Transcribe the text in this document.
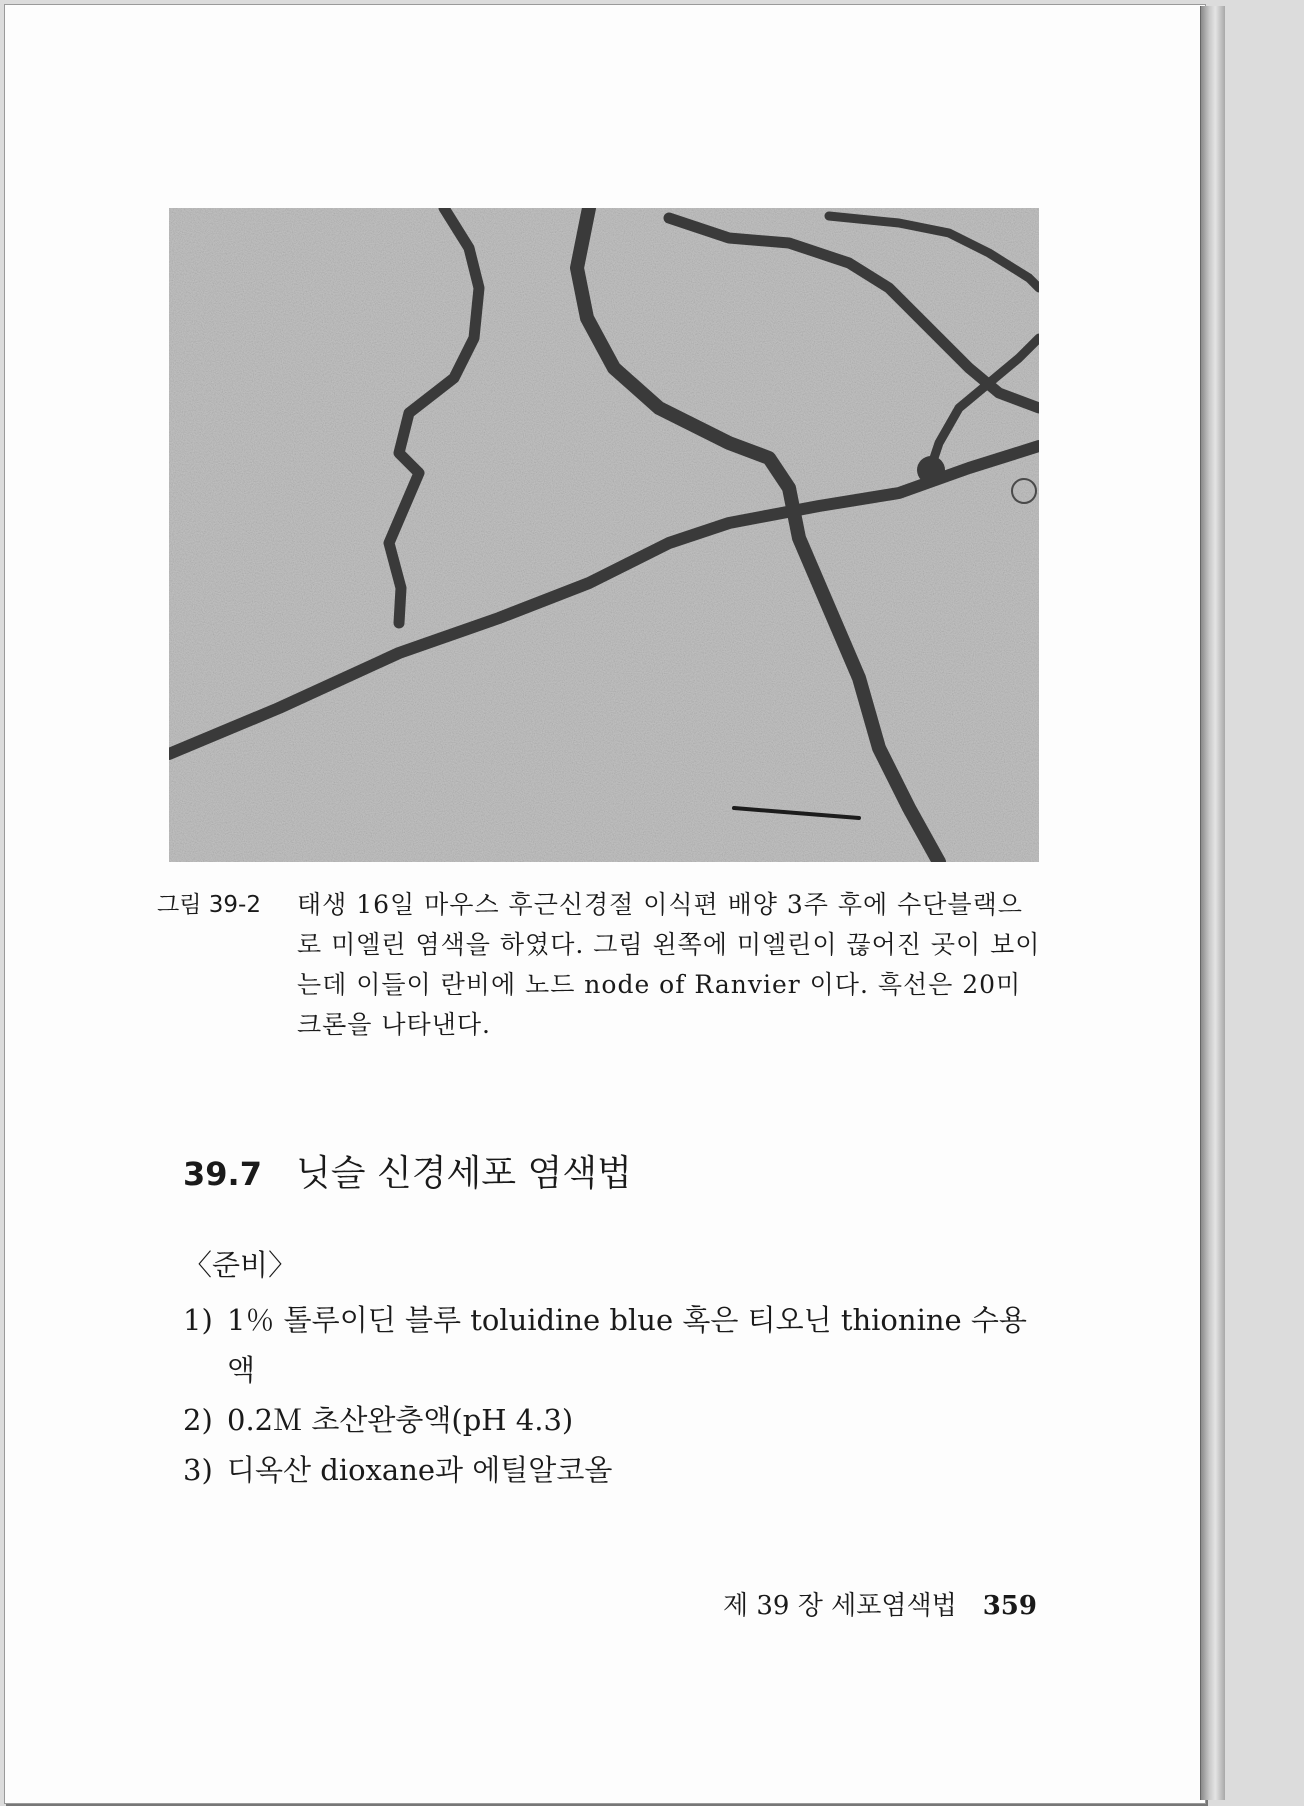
그림 39-2	태생 16일 마우스 후근신경절 이식편 배양 3주 후에 수단블랙으로 미엘린 염색을 하였다. 그림 왼쪽에 미엘린이 끊어진 곳이 보이는데 이들이 란비에 노드 node of Ranvier 이다. 흑선은 20미크론을 나타낸다.
39.7 닛슬 신경세포 염색법
〈준비〉
1) 1％ 톨루이딘 블루 toluidine blue 혹은 티오닌 thionine 수용액
2) 0.2Ｍ 초산완충액(pH 4.3)
3) 디옥산 dioxane과 에틸알코올
제 39 장 세포염색법 359
